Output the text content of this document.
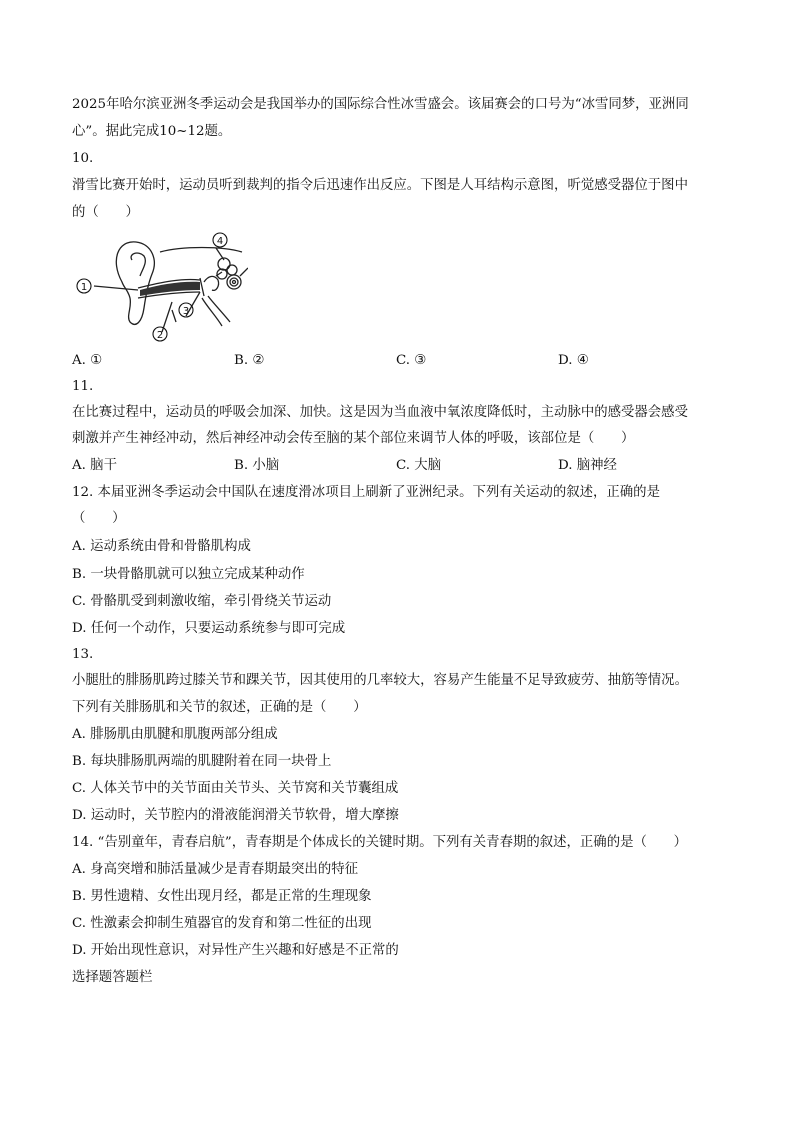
2025年哈尔滨亚洲冬季运动会是我国举办的国际综合性冰雪盛会。该届赛会的口号为“冰雪同梦，亚洲同
心”。据此完成10~12题。
10.
滑雪比赛开始时，运动员听到裁判的指令后迅速作出反应。下图是人耳结构示意图，听觉感受器位于图中
的（　　）
1
2
3
4
A. ①	B. ②	C. ③	D. ④
11.
在比赛过程中，运动员的呼吸会加深、加快。这是因为当血液中氧浓度降低时，主动脉中的感受器会感受
刺激并产生神经冲动，然后神经冲动会传至脑的某个部位来调节人体的呼吸，该部位是（　　）
A. 脑干	B. 小脑	C. 大脑	D. 脑神经
12. 本届亚洲冬季运动会中国队在速度滑冰项目上刷新了亚洲纪录。下列有关运动的叙述，正确的是
（　　）
A. 运动系统由骨和骨骼肌构成
B. 一块骨骼肌就可以独立完成某种动作
C. 骨骼肌受到刺激收缩，牵引骨绕关节运动
D. 任何一个动作，只要运动系统参与即可完成
13.
小腿肚的腓肠肌跨过膝关节和踝关节，因其使用的几率较大，容易产生能量不足导致疲劳、抽筋等情况。
下列有关腓肠肌和关节的叙述，正确的是（　　）
A. 腓肠肌由肌腱和肌腹两部分组成
B. 每块腓肠肌两端的肌腱附着在同一块骨上
C. 人体关节中的关节面由关节头、关节窝和关节囊组成
D. 运动时，关节腔内的滑液能润滑关节软骨，增大摩擦
14. “告别童年，青春启航”，青春期是个体成长的关键时期。下列有关青春期的叙述，正确的是（　　）
A. 身高突增和肺活量减少是青春期最突出的特征
B. 男性遗精、女性出现月经，都是正常的生理现象
C. 性激素会抑制生殖器官的发育和第二性征的出现
D. 开始出现性意识，对异性产生兴趣和好感是不正常的
选择题答题栏
